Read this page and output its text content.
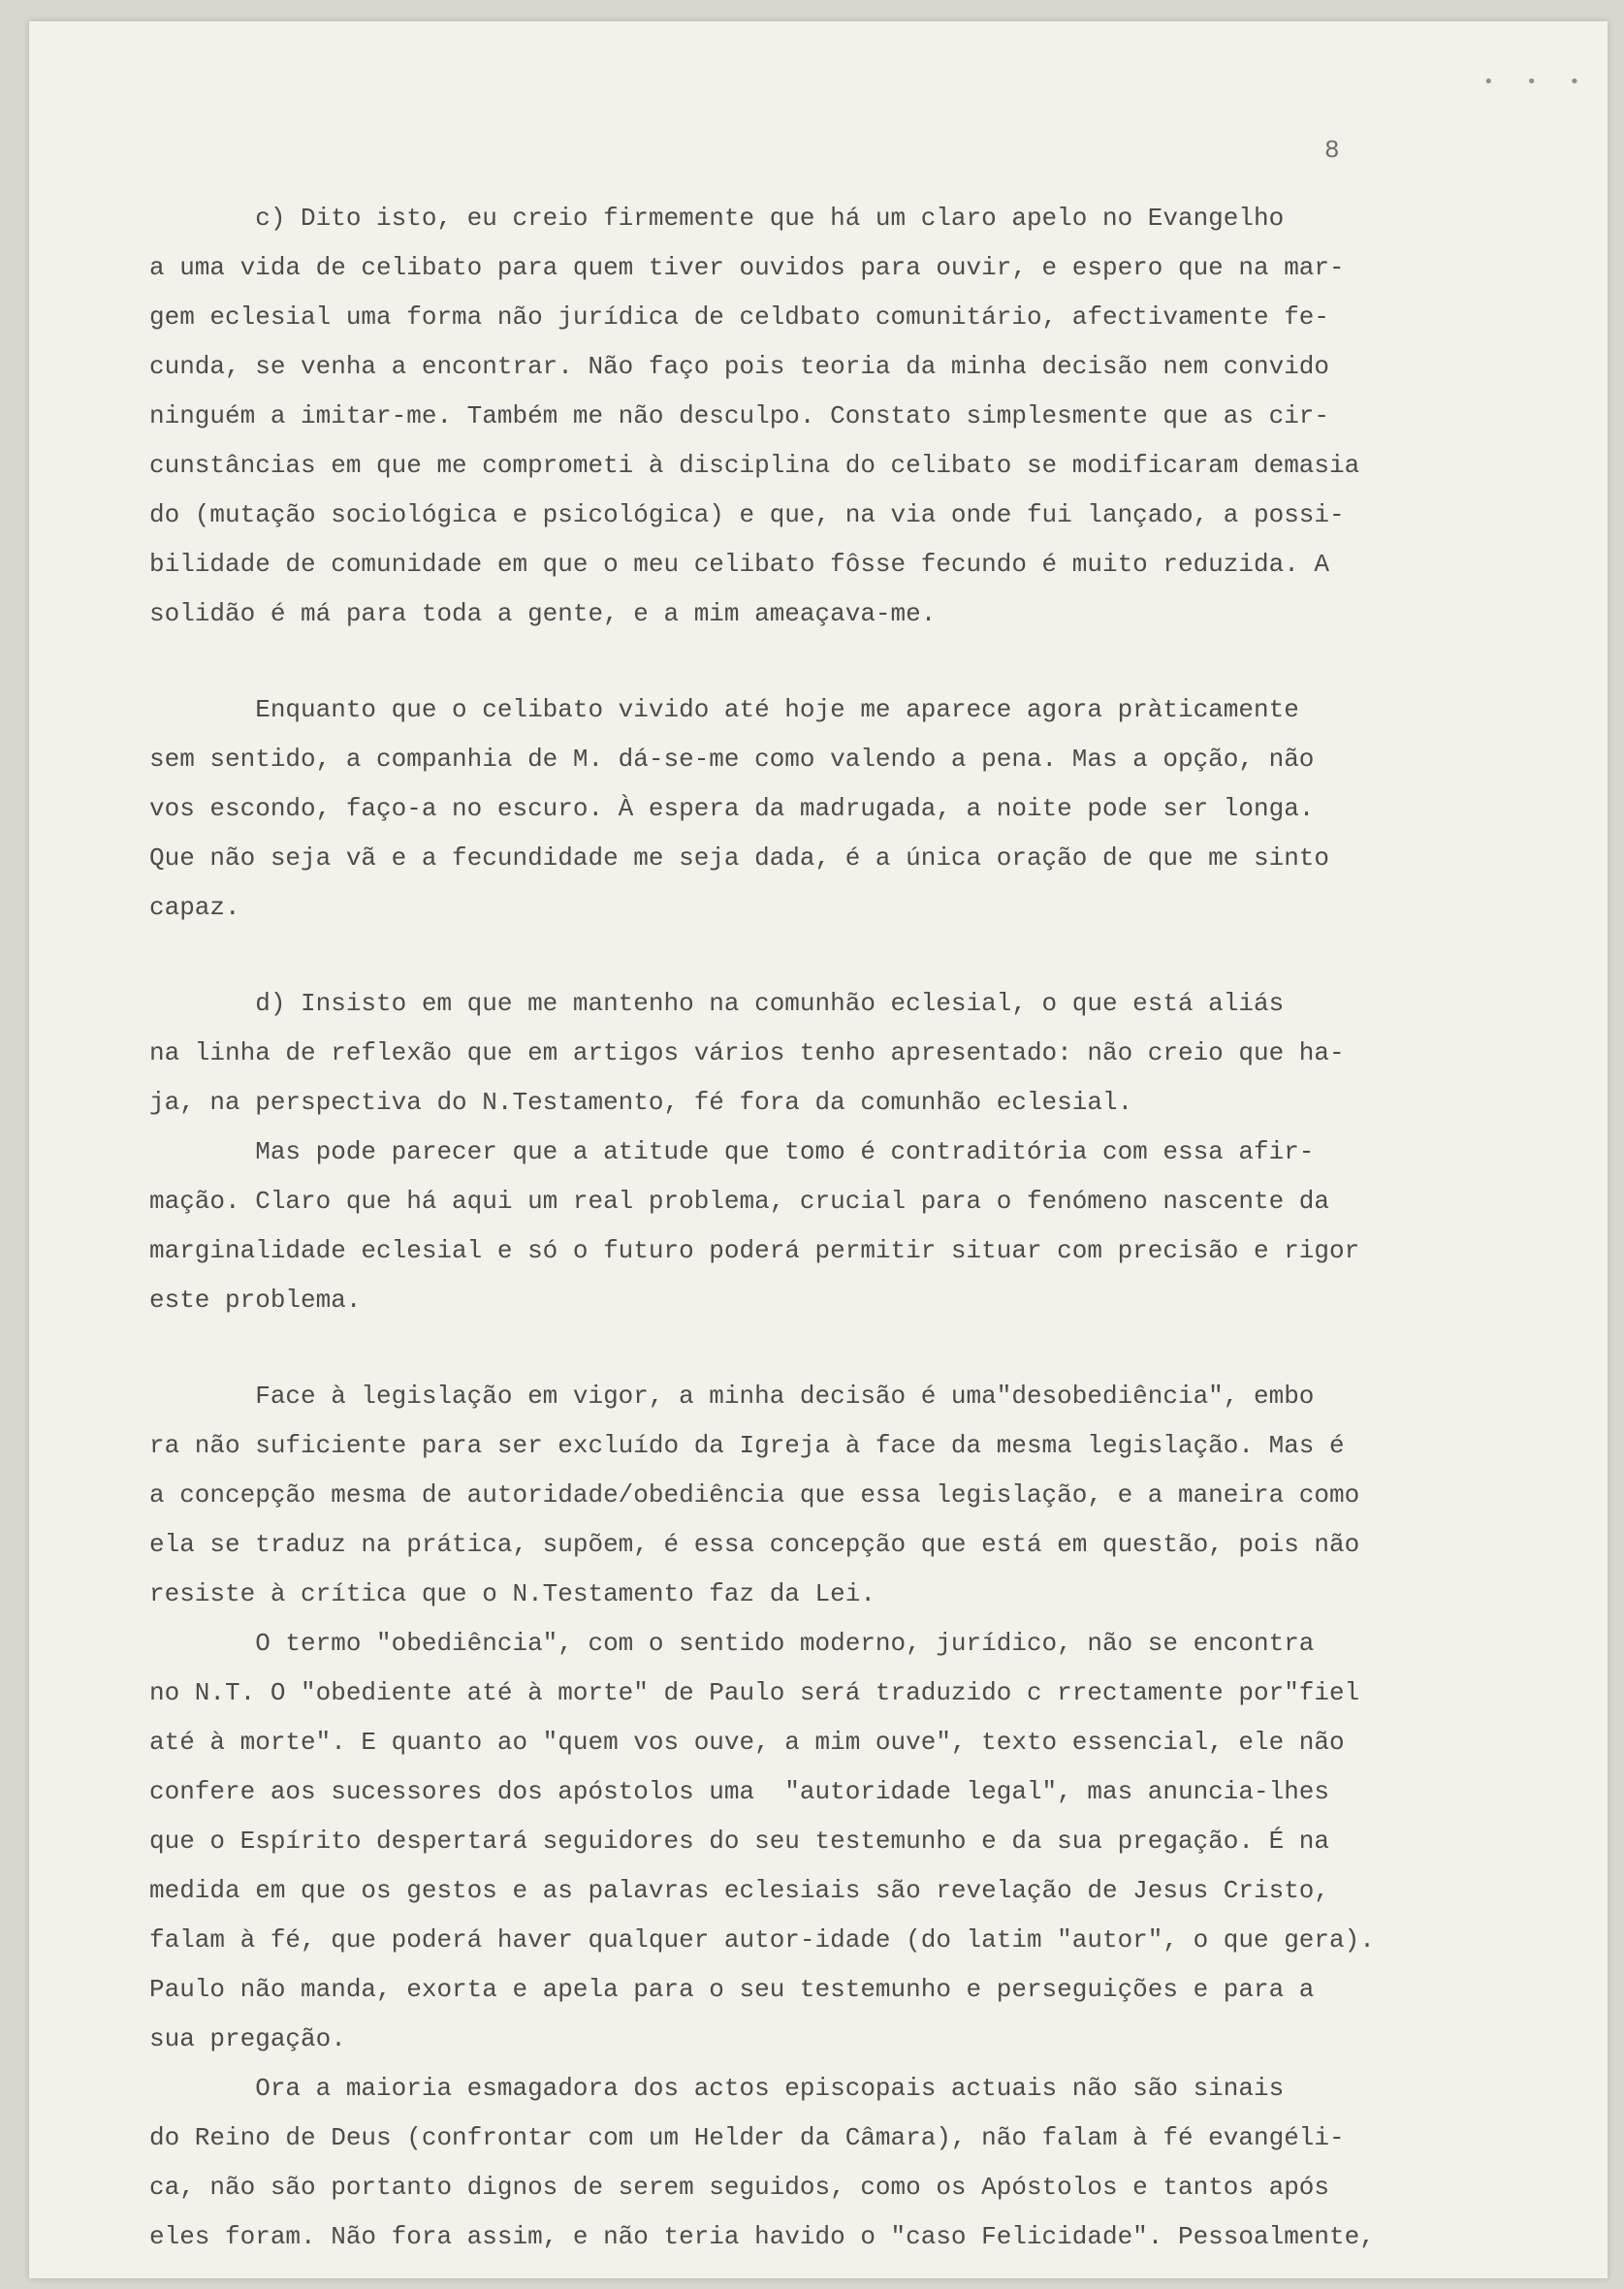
• • •
8
c) Dito isto, eu creio firmemente que há um claro apelo no Evangelho
a uma vida de celibato para quem tiver ouvidos para ouvir, e espero que na mar-
gem eclesial uma forma não jurídica de celdbato comunitário, afectivamente fe-
cunda, se venha a encontrar. Não faço pois teoria da minha decisão nem convido
ninguém a imitar-me. Também me não desculpo. Constato simplesmente que as cir-
cunstâncias em que me comprometi à disciplina do celibato se modificaram demasia
do (mutação sociológica e psicológica) e que, na via onde fui lançado, a possi-
bilidade de comunidade em que o meu celibato fôsse fecundo é muito reduzida. A
solidão é má para toda a gente, e a mim ameaçava-me.
Enquanto que o celibato vivido até hoje me aparece agora pràticamente
sem sentido, a companhia de M. dá-se-me como valendo a pena. Mas a opção, não
vos escondo, faço-a no escuro. À espera da madrugada, a noite pode ser longa.
Que não seja vã e a fecundidade me seja dada, é a única oração de que me sinto
capaz.
d) Insisto em que me mantenho na comunhão eclesial, o que está aliás
na linha de reflexão que em artigos vários tenho apresentado: não creio que ha-
ja, na perspectiva do N.Testamento, fé fora da comunhão eclesial.
Mas pode parecer que a atitude que tomo é contraditória com essa afir-
mação. Claro que há aqui um real problema, crucial para o fenómeno nascente da
marginalidade eclesial e só o futuro poderá permitir situar com precisão e rigor
este problema.
Face à legislação em vigor, a minha decisão é uma"desobediência", embo
ra não suficiente para ser excluído da Igreja à face da mesma legislação. Mas é
a concepção mesma de autoridade/obediência que essa legislação, e a maneira como
ela se traduz na prática, supõem, é essa concepção que está em questão, pois não
resiste à crítica que o N.Testamento faz da Lei.
O termo "obediência", com o sentido moderno, jurídico, não se encontra
no N.T. O "obediente até à morte" de Paulo será traduzido c rrectamente por"fiel
até à morte". E quanto ao "quem vos ouve, a mim ouve", texto essencial, ele não
confere aos sucessores dos apóstolos uma  "autoridade legal", mas anuncia-lhes
que o Espírito despertará seguidores do seu testemunho e da sua pregação. É na
medida em que os gestos e as palavras eclesiais são revelação de Jesus Cristo,
falam à fé, que poderá haver qualquer autor-idade (do latim "autor", o que gera).
Paulo não manda, exorta e apela para o seu testemunho e perseguições e para a
sua pregação.
Ora a maioria esmagadora dos actos episcopais actuais não são sinais
do Reino de Deus (confrontar com um Helder da Câmara), não falam à fé evangéli-
ca, não são portanto dignos de serem seguidos, como os Apóstolos e tantos após
eles foram. Não fora assim, e não teria havido o "caso Felicidade". Pessoalmente,
